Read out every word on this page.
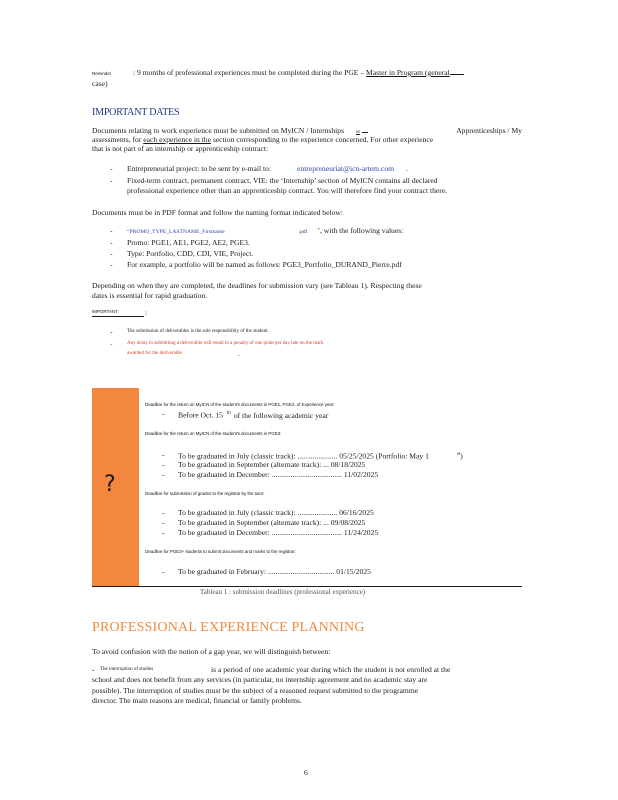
Reminder	: 9 months of professional experiences must be completed during the PGE – Master in Program (general
case)
IMPORTANT DATES
Documents relating to work experience must be submitted on MyICN / Internships or	Apprenticeships / My
assessments, for each experience in the section corresponding to the experience concerned. For other experience
that is not part of an internship or apprenticeship contract:
- Entrepreneurial project: to be sent by e-mail to:	entrepreneuriat@icn-artem.com .
- Fixed-term contract, permanent contract, VIE: the ‘Internship’ section of MyICN contains all declared
professional experience other than an apprenticeship contract. You will therefore find your contract there.
Documents must be in PDF format and follow the naming format indicated below:
-	“PROMO_TYPE_LASTNAME_Firstname	.pdf ’, with the following values:
- Promo: PGE1, AE1, PGE2, AE2, PGE3.
- Type: Portfolio, CDD, CDI, VIE, Project.
- For example, a portfolio will be named as follows: PGE3_Portfolio_DURAND_Pierre.pdf
Depending on when they are completed, the deadlines for submission vary (see Tableau 1). Respecting these
dates is essential for rapid graduation.
IMPORTANT	:
-	The submission of deliverables is the sole responsibility of the student.
-	Any delay in submitting a deliverable will result in a penalty of one point per day late on the mark
awarded for the deliverable	.
?
Deadline for the return on MyICN of the student's documents in PGE1, PGE2, of Experience year:
- Before Oct. 15 $^{th}$ of the following academic year
Deadline for the return on MyICN of the student's documents in PGE3:
- To be graduated in July (classic track): ..................... 05/25/2025 (Portfolio: May 1	$^{st}$)
- To be graduated in September (alternate track): ... 08/18/2025
- To be graduated in December: ..................................... 11/02/2025
Deadline for submission of grades to the registrar by the tutor:
- To be graduated in July (classic track): ..................... 06/16/2025
- To be graduated in September (alternate track): ... 09/08/2025
- To be graduated in December: ..................................... 11/24/2025
Deadline for PGE3+ students to submit documents and marks to the registrar:
- To be graduated in February: ................................... 01/15/2025
Tableau 1 : submission deadlines (professional experience)
PROFESSIONAL EXPERIENCE PLANNING
To avoid confusion with the notion of a gap year, we will distinguish between:
- The interruption of studies	is a period of one academic year during which the student is not enrolled at the
school and does not benefit from any services (in particular, no internship agreement and no academic stay are
possible). The interruption of studies must be the subject of a reasoned request submitted to the programme
director. The main reasons are medical, financial or family problems.
6
